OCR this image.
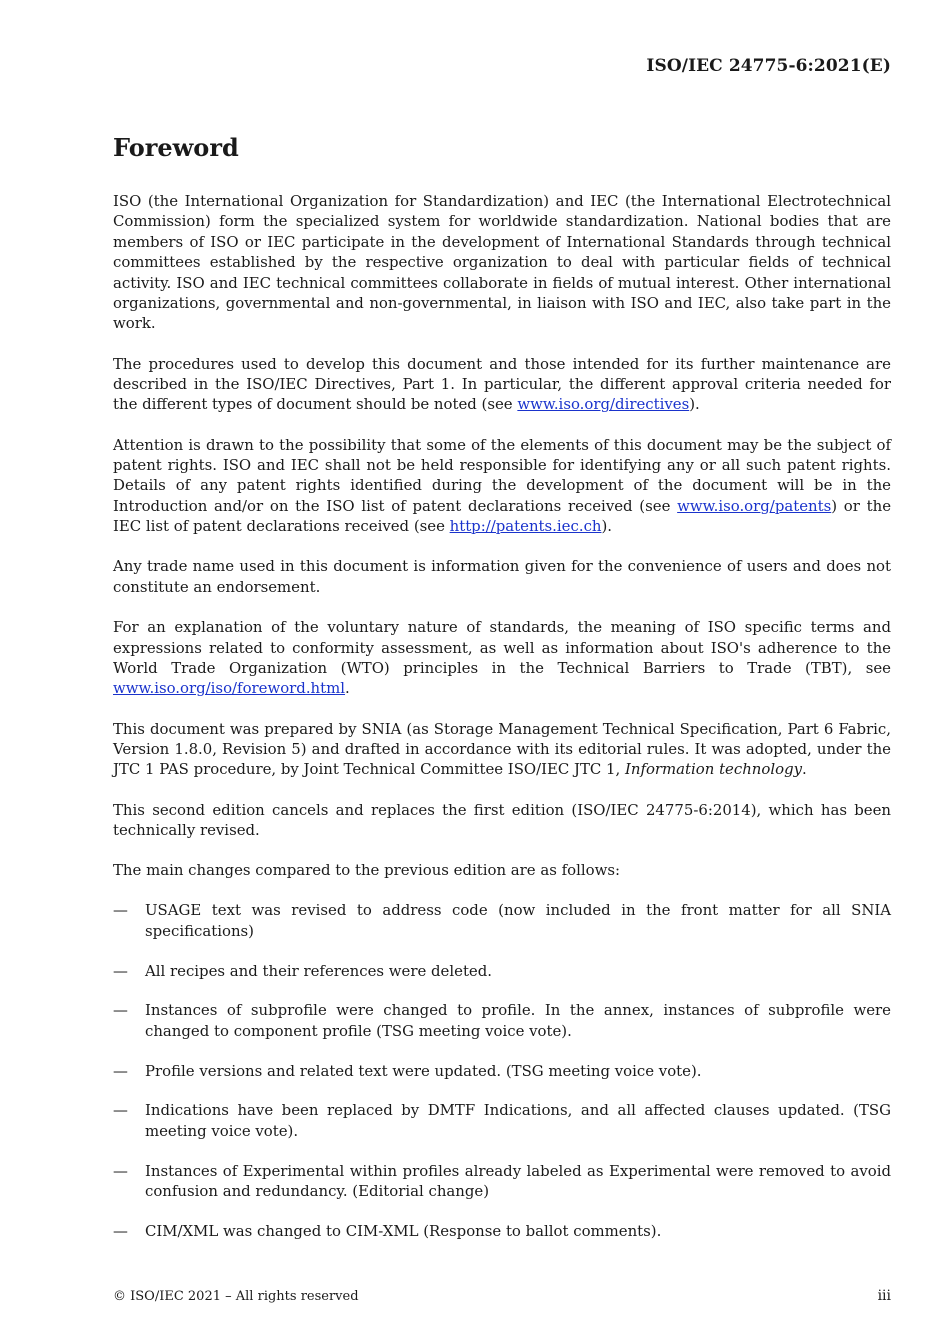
ISO/IEC 24775-6:2021(E)
Foreword

ISO (the International Organization for Standardization) and IEC (the International Electrotechnical Commission) form the specialized system for worldwide standardization. National bodies that are members of ISO or IEC participate in the development of International Standards through technical committees established by the respective organization to deal with particular fields of technical activity. ISO and IEC technical committees collaborate in fields of mutual interest. Other international organizations, governmental and non-governmental, in liaison with ISO and IEC, also take part in the work.

The procedures used to develop this document and those intended for its further maintenance are described in the ISO/IEC Directives, Part 1. In particular, the different approval criteria needed for the different types of document should be noted (see www.iso.org/directives).

Attention is drawn to the possibility that some of the elements of this document may be the subject of patent rights. ISO and IEC shall not be held responsible for identifying any or all such patent rights. Details of any patent rights identified during the development of the document will be in the Introduction and/or on the ISO list of patent declarations received (see www.iso.org/patents) or the IEC list of patent declarations received (see http://patents.iec.ch).

Any trade name used in this document is information given for the convenience of users and does not constitute an endorsement.

For an explanation of the voluntary nature of standards, the meaning of ISO specific terms and expressions related to conformity assessment, as well as information about ISO's adherence to the World Trade Organization (WTO) principles in the Technical Barriers to Trade (TBT), see www.iso.org/iso/foreword.html.

This document was prepared by SNIA (as Storage Management Technical Specification, Part 6 Fabric, Version 1.8.0, Revision 5) and drafted in accordance with its editorial rules. It was adopted, under the JTC 1 PAS procedure, by Joint Technical Committee ISO/IEC JTC 1, Information technology.

This second edition cancels and replaces the first edition (ISO/IEC 24775-6:2014), which has been technically revised.

The main changes compared to the previous edition are as follows:

—	USAGE text was revised to address code (now included in the front matter for all SNIA specifications)
—	All recipes and their references were deleted.
—	Instances of subprofile were changed to profile. In the annex, instances of subprofile were changed to component profile (TSG meeting voice vote).
—	Profile versions and related text were updated. (TSG meeting voice vote).
—	Indications have been replaced by DMTF Indications, and all affected clauses updated. (TSG meeting voice vote).
—	Instances of Experimental within profiles already labeled as Experimental were removed to avoid confusion and redundancy. (Editorial change)
—	CIM/XML was changed to CIM-XML (Response to ballot comments).
© ISO/IEC 2021 – All rights reserved	iii
